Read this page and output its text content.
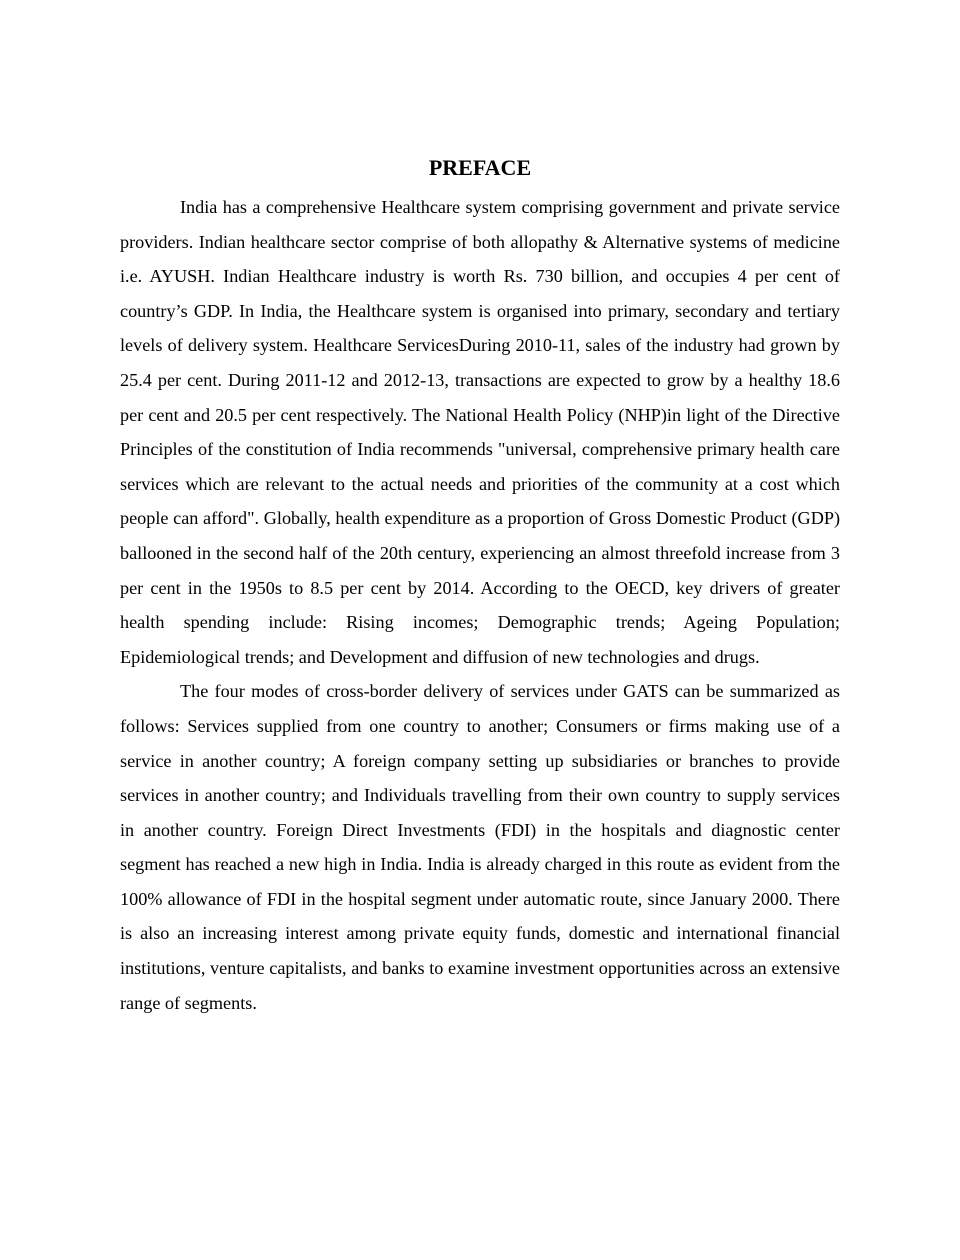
PREFACE

India has a comprehensive Healthcare system comprising government and private service providers. Indian healthcare sector comprise of both allopathy & Alternative systems of medicine i.e. AYUSH. Indian Healthcare industry is worth Rs. 730 billion, and occupies 4 per cent of country’s GDP. In India, the Healthcare system is organised into primary, secondary and tertiary levels of delivery system. Healthcare ServicesDuring 2010-11, sales of the industry had grown by 25.4 per cent. During 2011-12 and 2012-13, transactions are expected to grow by a healthy 18.6 per cent and 20.5 per cent respectively. The National Health Policy (NHP)in light of the Directive Principles of the constitution of India recommends "universal, comprehensive primary health care services which are relevant to the actual needs and priorities of the community at a cost which people can afford". Globally, health expenditure as a proportion of Gross Domestic Product (GDP) ballooned in the second half of the 20th century, experiencing an almost threefold increase from 3 per cent in the 1950s to 8.5 per cent by 2014. According to the OECD, key drivers of greater health spending include: Rising incomes; Demographic trends; Ageing Population; Epidemiological trends; and Development and diffusion of new technologies and drugs.

The four modes of cross-border delivery of services under GATS can be summarized as follows: Services supplied from one country to another; Consumers or firms making use of a service in another country; A foreign company setting up subsidiaries or branches to provide services in another country; and Individuals travelling from their own country to supply services in another country. Foreign Direct Investments (FDI) in the hospitals and diagnostic center segment has reached a new high in India. India is already charged in this route as evident from the 100% allowance of FDI in the hospital segment under automatic route, since January 2000. There is also an increasing interest among private equity funds, domestic and international financial institutions, venture capitalists, and banks to examine investment opportunities across an extensive range of segments.
